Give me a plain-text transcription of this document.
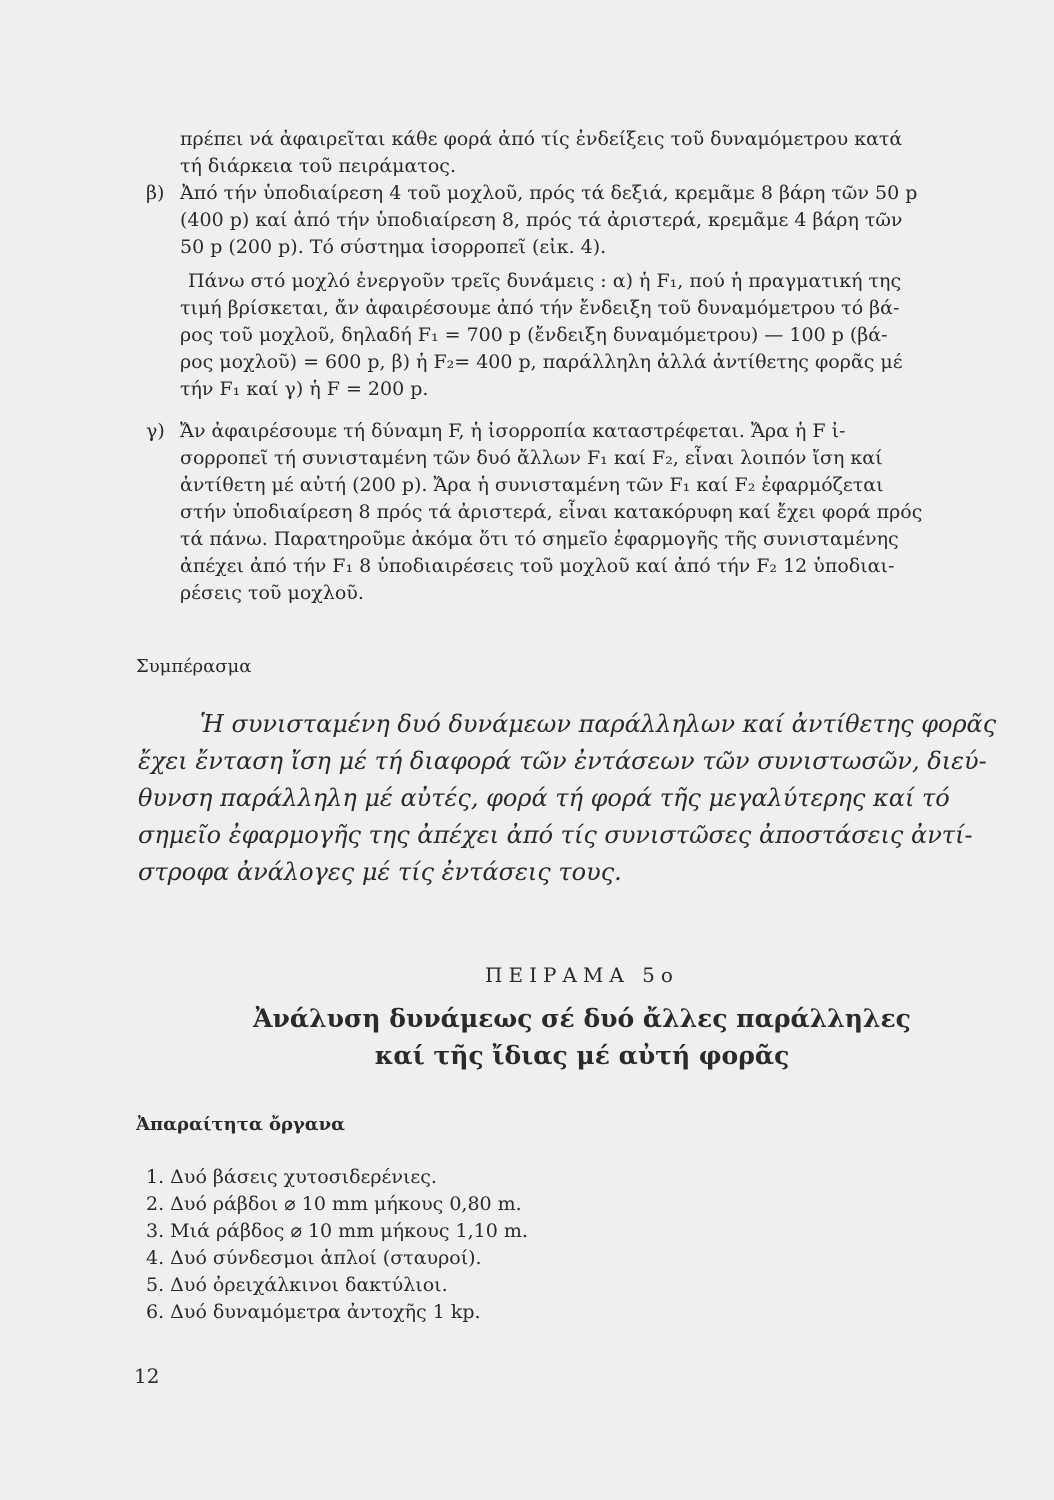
πρέπει νά ἀφαιρεῖται κάθε φορά ἀπό τίς ἐνδείξεις τοῦ δυναμόμετρου κατά
τή διάρκεια τοῦ πειράματος.
β) Ἀπό τήν ὑποδιαίρεση 4 τοῦ μοχλοῦ, πρός τά δεξιά, κρεμᾶμε 8 βάρη τῶν 50 p
(400 p) καί ἀπό τήν ὑποδιαίρεση 8, πρός τά ἀριστερά, κρεμᾶμε 4 βάρη τῶν
50 p (200 p). Τό σύστημα ἰσορροπεῖ (εἰκ. 4).
Πάνω στό μοχλό ἐνεργοῦν τρεῖς δυνάμεις : α) ἡ F₁, πού ἡ πραγματική της
τιμή βρίσκεται, ἄν ἀφαιρέσουμε ἀπό τήν ἔνδειξη τοῦ δυναμόμετρου τό βά-
ρος τοῦ μοχλοῦ, δηλαδή F₁ = 700 p (ἔνδειξη δυναμόμετρου) — 100 p (βά-
ρος μοχλοῦ) = 600 p, β) ἡ F₂= 400 p, παράλληλη ἀλλά ἀντίθετης φορᾶς μέ
τήν F₁ καί γ) ἡ F = 200 p.
γ) Ἄν ἀφαιρέσουμε τή δύναμη F, ἡ ἰσορροπία καταστρέφεται. Ἄρα ἡ F ἰ-
σορροπεῖ τή συνισταμένη τῶν δυό ἄλλων F₁ καί F₂, εἶναι λοιπόν ἴση καί
ἀντίθετη μέ αὐτή (200 p). Ἄρα ἡ συνισταμένη τῶν F₁ καί F₂ ἐφαρμόζεται
στήν ὑποδιαίρεση 8 πρός τά ἀριστερά, εἶναι κατακόρυφη καί ἔχει φορά πρός
τά πάνω. Παρατηροῦμε ἀκόμα ὅτι τό σημεῖο ἐφαρμογῆς τῆς συνισταμένης
ἀπέχει ἀπό τήν F₁ 8 ὑποδιαιρέσεις τοῦ μοχλοῦ καί ἀπό τήν F₂ 12 ὑποδιαι-
ρέσεις τοῦ μοχλοῦ.
Συμπέρασμα
Ἡ συνισταμένη δυό δυνάμεων παράλληλων καί ἀντίθετης φορᾶς
ἔχει ἔνταση ἴση μέ τή διαφορά τῶν ἐντάσεων τῶν συνιστωσῶν, διεύ-
θυνση παράλληλη μέ αὐτές, φορά τή φορά τῆς μεγαλύτερης καί τό
σημεῖο ἐφαρμογῆς της ἀπέχει ἀπό τίς συνιστῶσες ἀποστάσεις ἀντί-
στροφα ἀνάλογες μέ τίς ἐντάσεις τους.
ΠΕΙΡΑΜΑ 5ο
Ἀνάλυση δυνάμεως σέ δυό ἄλλες παράλληλες
καί τῆς ἴδιας μέ αὐτή φορᾶς
Ἀπαραίτητα ὄργανα
1. Δυό βάσεις χυτοσιδερένιες.
2. Δυό ράβδοι ⌀ 10 mm μήκους 0,80 m.
3. Μιά ράβδος ⌀ 10 mm μήκους 1,10 m.
4. Δυό σύνδεσμοι ἁπλοί (σταυροί).
5. Δυό ὀρειχάλκινοι δακτύλιοι.
6. Δυό δυναμόμετρα ἀντοχῆς 1 kp.
12
